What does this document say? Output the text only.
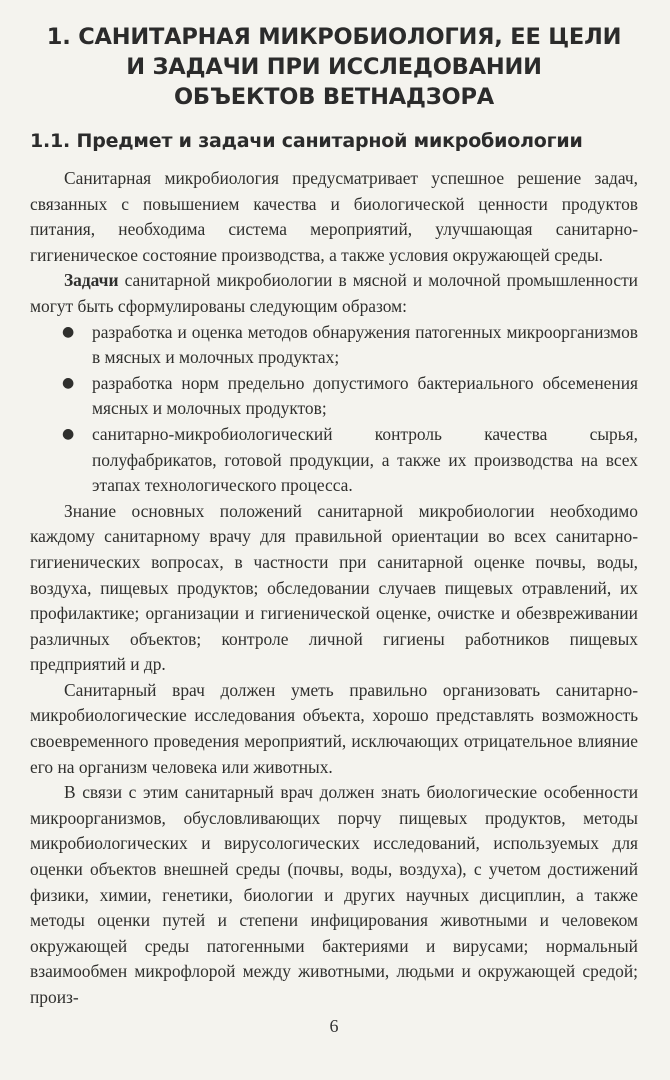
1. САНИТАРНАЯ МИКРОБИОЛОГИЯ, ЕЕ ЦЕЛИ
И ЗАДАЧИ ПРИ ИССЛЕДОВАНИИ
ОБЪЕКТОВ ВЕТНАДЗОРА
1.1. Предмет и задачи санитарной микробиологии

Санитарная микробиология предусматривает успешное решение задач, связанных с повышением качества и биологической ценности продуктов питания, необходима система мероприятий, улучшающая санитарно-гигиеническое состояние производства, а также условия окружающей среды.

Задачи санитарной микробиологии в мясной и молочной промышленности могут быть сформулированы следующим образом:

● разработка и оценка методов обнаружения патогенных микроорганизмов в мясных и молочных продуктах;
● разработка норм предельно допустимого бактериального обсеменения мясных и молочных продуктов;
● санитарно-микробиологический контроль качества сырья, полуфабрикатов, готовой продукции, а также их производства на всех этапах технологического процесса.

Знание основных положений санитарной микробиологии необходимо каждому санитарному врачу для правильной ориентации во всех санитарно-гигиенических вопросах, в частности при санитарной оценке почвы, воды, воздуха, пищевых продуктов; обследовании случаев пищевых отравлений, их профилактике; организации и гигиенической оценке, очистке и обезвреживании различных объектов; контроле личной гигиены работников пищевых предприятий и др.

Санитарный врач должен уметь правильно организовать санитарно-микробиологические исследования объекта, хорошо представлять возможность своевременного проведения мероприятий, исключающих отрицательное влияние его на организм человека или животных.

В связи с этим санитарный врач должен знать биологические особенности микроорганизмов, обусловливающих порчу пищевых продуктов, методы микробиологических и вирусологических исследований, используемых для оценки объектов внешней среды (почвы, воды, воздуха), с учетом достижений физики, химии, генетики, биологии и других научных дисциплин, а также методы оценки путей и степени инфицирования животными и человеком окружающей среды патогенными бактериями и вирусами; нормальный взаимообмен микрофлорой между животными, людьми и окружающей средой; произ-

6
